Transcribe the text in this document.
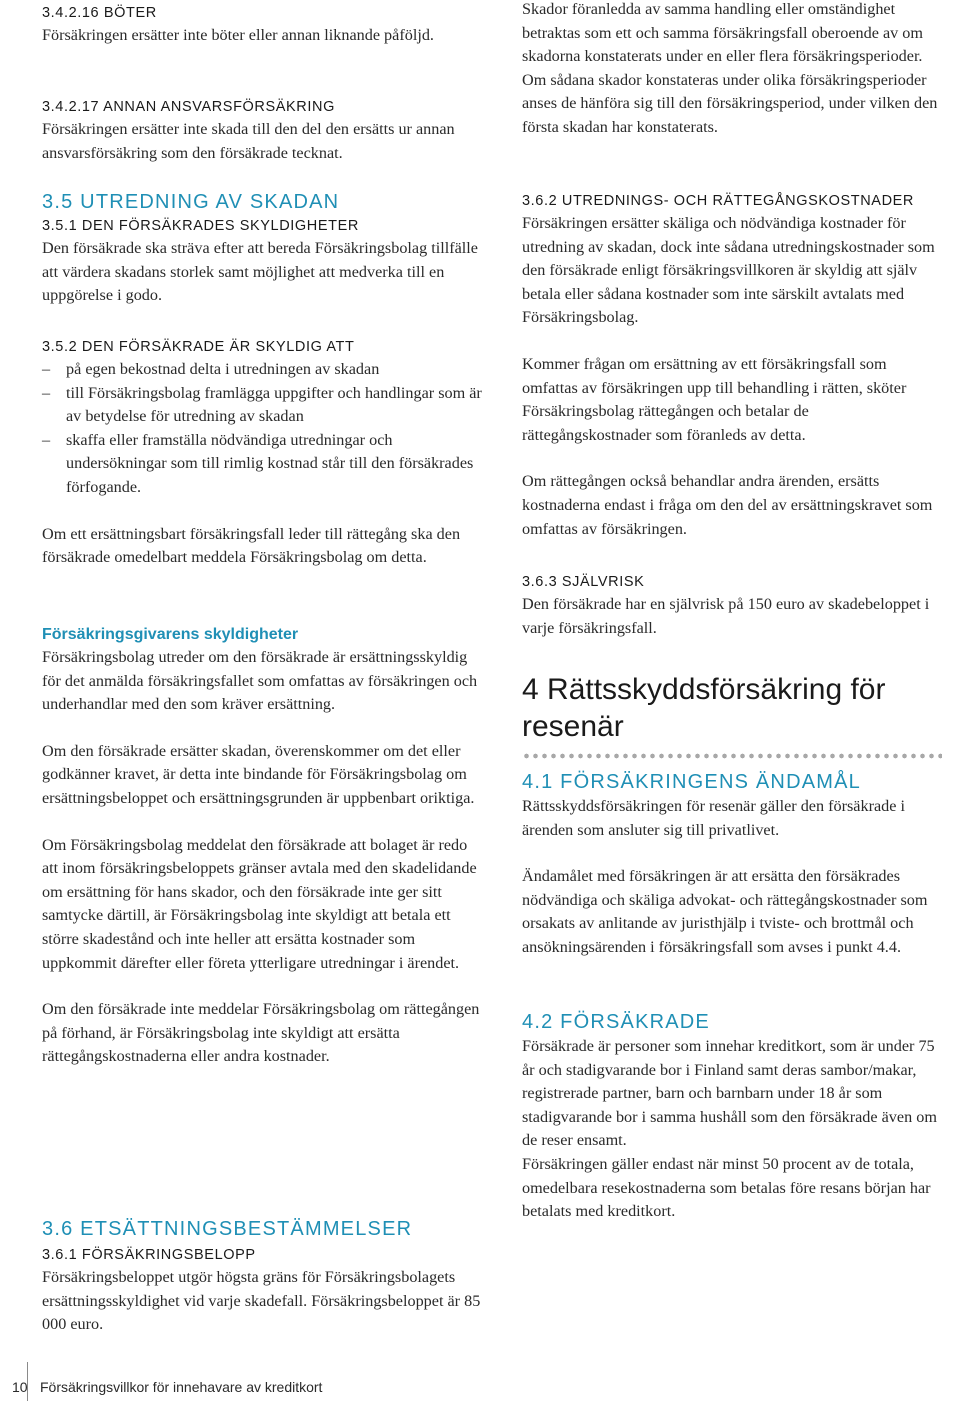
3.4.2.16 BÖTER

Försäkringen ersätter inte böter eller annan liknande påföljd.

3.4.2.17 ANNAN ANSVARSFÖRSÄKRING

Försäkringen ersätter inte skada till den del den ersätts ur annan ansvarsförsäkring som den försäkrade tecknat.

3.5 UTREDNING AV SKADAN
3.5.1 DEN FÖRSÄKRADES SKYLDIGHETER

Den försäkrade ska sträva efter att bereda Försäkringsbolag tillfälle att värdera skadans storlek samt möjlighet att medverka till en uppgörelse i godo.

3.5.2 DEN FÖRSÄKRADE ÄR SKYLDIG ATT
– på egen bekostnad delta i utredningen av skadan
– till Försäkringsbolag framlägga uppgifter och handlingar som är av betydelse för utredning av skadan
– skaffa eller framställa nödvändiga utredningar och undersökningar som till rimlig kostnad står till den försäkrades förfogande.

Om ett ersättningsbart försäkringsfall leder till rättegång ska den försäkrade omedelbart meddela Försäkringsbolag om detta.

Försäkringsgivarens skyldigheter

Försäkringsbolag utreder om den försäkrade är ersättningsskyldig för det anmälda försäkringsfallet som omfattas av försäkringen och underhandlar med den som kräver ersättning.

Om den försäkrade ersätter skadan, överenskommer om det eller godkänner kravet, är detta inte bindande för Försäkringsbolag om ersättningsbeloppet och ersättningsgrunden är uppbenbart oriktiga.

Om Försäkringsbolag meddelat den försäkrade att bolaget är redo att inom försäkringsbeloppets gränser avtala med den skadelidande om ersättning för hans skador, och den försäkrade inte ger sitt samtycke därtill, är Försäkringsbolag inte skyldigt att betala ett större skadestånd och inte heller att ersätta kostnader som uppkommit därefter eller företa ytterligare utredningar i ärendet.

Om den försäkrade inte meddelar Försäkringsbolag om rättegången på förhand, är Försäkringsbolag inte skyldigt att ersätta rättegångskostnaderna eller andra kostnader.

3.6 ETSÄTTNINGSBESTÄMMELSER
3.6.1 FÖRSÄKRINGSBELOPP

Försäkringsbeloppet utgör högsta gräns för Försäkringsbolagets ersättningsskyldighet vid varje skadefall. Försäkringsbeloppet är 85 000 euro.

Skador föranledda av samma handling eller omständighet betraktas som ett och samma försäkringsfall oberoende av om skadorna konstaterats under en eller flera försäkringsperioder. Om sådana skador konstateras under olika försäkringsperioder anses de hänföra sig till den försäkringsperiod, under vilken den första skadan har konstaterats.

3.6.2 UTREDNINGS- OCH RÄTTEGÅNGSKOSTNADER

Försäkringen ersätter skäliga och nödvändiga kostnader för utredning av skadan, dock inte sådana utredningskostnader som den försäkrade enligt försäkringsvillkoren är skyldig att själv betala eller sådana kostnader som inte särskilt avtalats med Försäkringsbolag.

Kommer frågan om ersättning av ett försäkringsfall som omfattas av försäkringen upp till behandling i rätten, sköter Försäkringsbolag rättegången och betalar de rättegångskostnader som föranleds av detta.

Om rättegången också behandlar andra ärenden, ersätts kostnaderna endast i fråga om den del av ersättningskravet som omfattas av försäkringen.

3.6.3 SJÄLVRISK

Den försäkrade har en självrisk på 150 euro av skadebeloppet i varje försäkringsfall.

4 Rättsskyddsförsäkring för resenär
4.1 FÖRSÄKRINGENS ÄNDAMÅL

Rättsskyddsförsäkringen för resenär gäller den försäkrade i ärenden som ansluter sig till privatlivet.

Ändamålet med försäkringen är att ersätta den försäkrades nödvändiga och skäliga advokat- och rättegångskostnader som orsakats av anlitande av juristhjälp i tviste- och brottmål och ansökningsärenden i försäkringsfall som avses i punkt 4.4.

4.2 FÖRSÄKRADE

Försäkrade är personer som innehar kreditkort, som är under 75 år och stadigvarande bor i Finland samt deras sambor/makar, registrerade partner, barn och barnbarn under 18 år som stadigvarande bor i samma hushåll som den försäkrade även om de reser ensamt.

Försäkringen gäller endast när minst 50 procent av de totala, omedelbara resekostnaderna som betalas före resans början har betalats med kreditkort.

10 Försäkringsvillkor för innehavare av kreditkort
